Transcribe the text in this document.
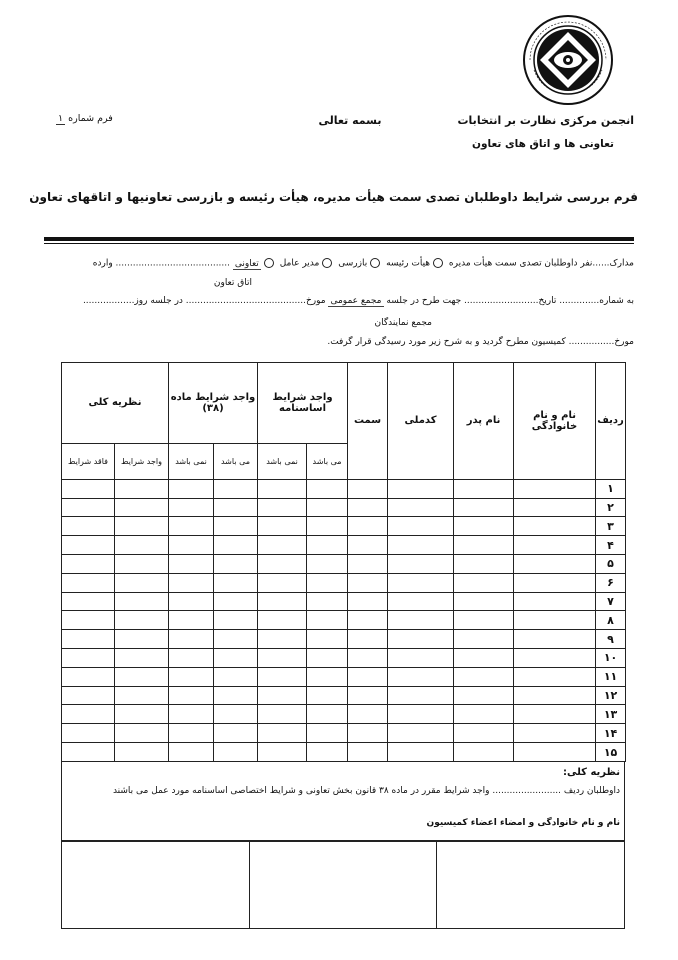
انجمن مرکزی نظارت بر انتخابات
تعاونی ها و اتاق های تعاون
بسمه تعالی
فرم شماره ۱
فرم بررسی شرایط داوطلبان تصدی سمت هیأت مدیره، هیأت رئیسه و بازرسی تعاونیها و اتاقهای تعاون
مدارک......نفر داوطلبان تصدی سمت هیأت مدیره هیأت رئیسه بازرسی مدیر عامل تعاونی ........................................ وارده
اتاق تعاون
به شماره.............. تاریخ.......................... جهت طرح در جلسه مجمع عمومی مورخ.......................................... در جلسه روز..................
مجمع نمایندگان
مورخ................ کمیسیون مطرح گردید و به شرح زیر مورد رسیدگی قرار گرفت.
ردیف	نام و نام خانوادگی	نام پدر	کدملی	سمت	واجد شرایط اساسنامه		واجد شرایط ماده (۳۸)		نظریه کلی	
					می باشد	نمی باشد	می باشد	نمی باشد	واجد شرایط	فاقد شرایط
۱										
۲										
۳										
۴										
۵										
۶										
۷										
۸										
۹										
۱۰										
۱۱										
۱۲										
۱۳										
۱۴										
۱۵										
نظریه کلی:
داوطلبان ردیف ........................ واجد شرایط مقرر در ماده ۳۸ قانون بخش تعاونی و شرایط اختصاصی اساسنامه مورد عمل می باشند
نام و نام خانوادگی و امضاء اعضاء کمیسیون
